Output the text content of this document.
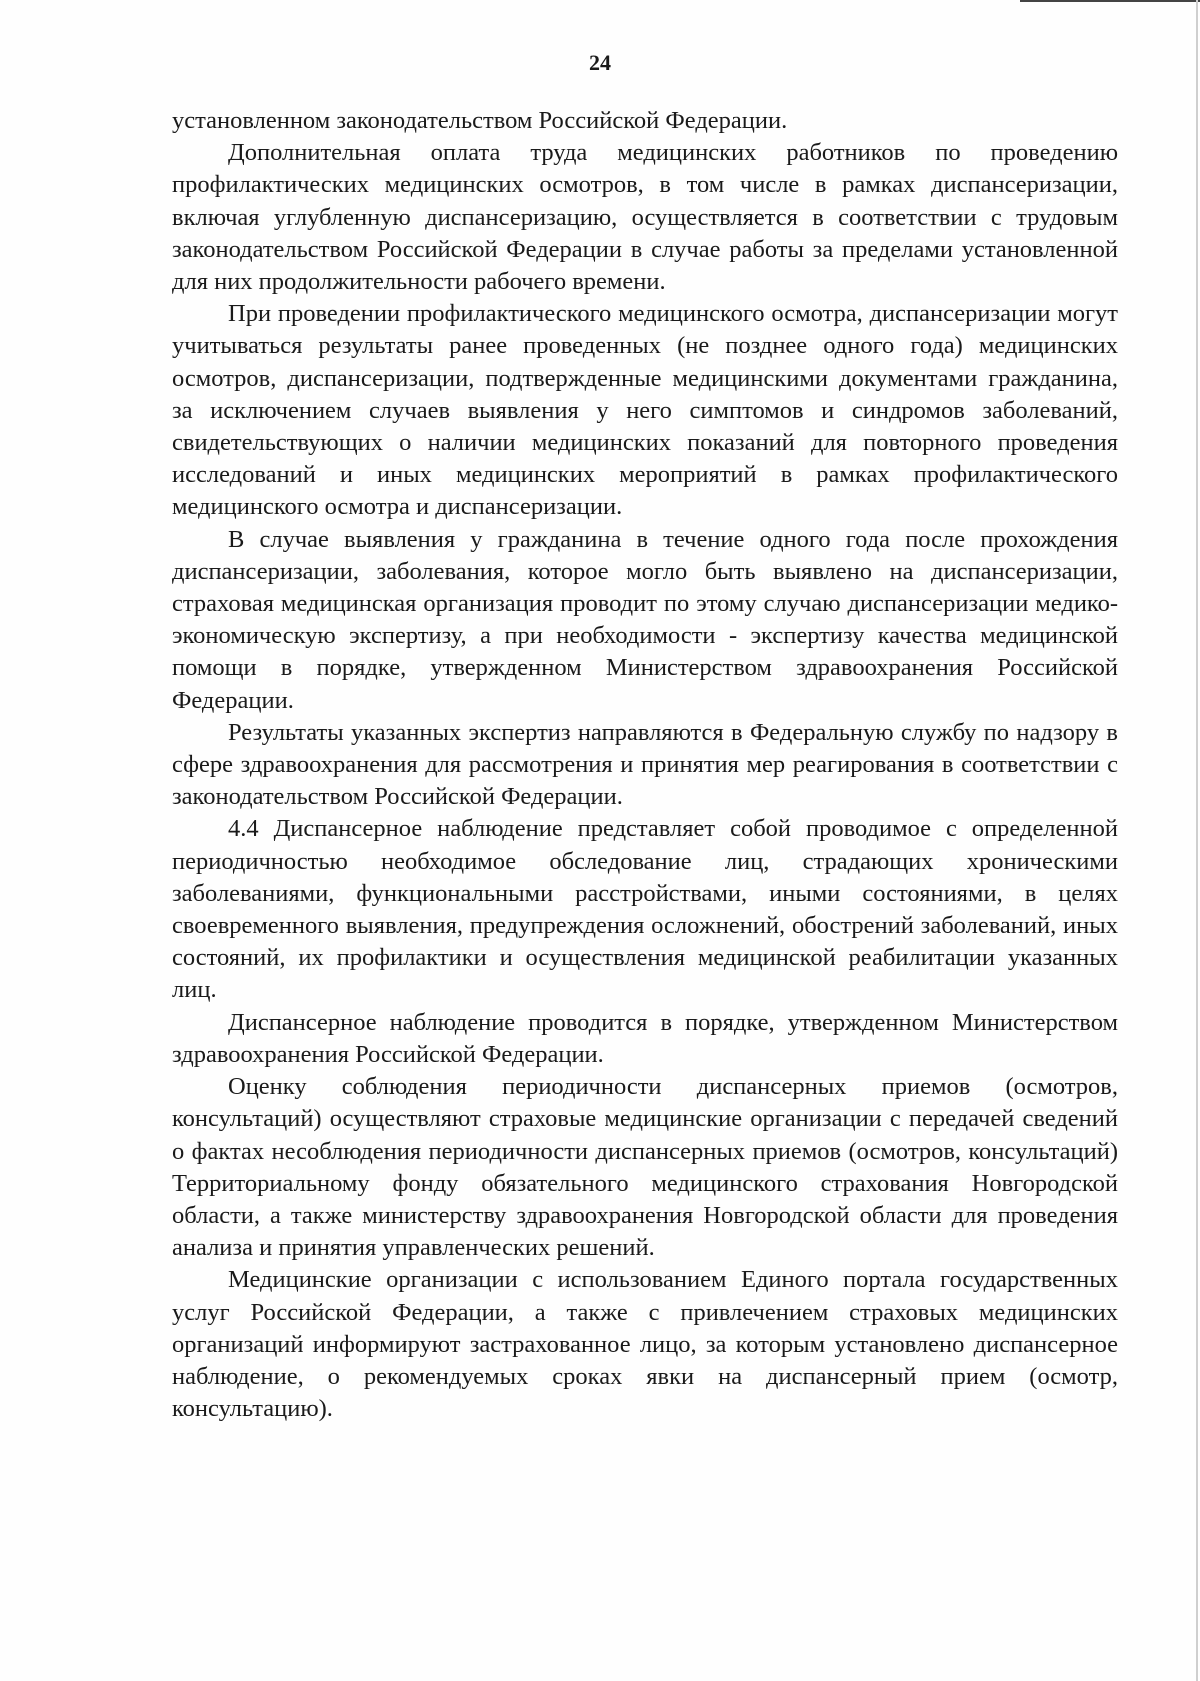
24

установленном законодательством Российской Федерации.

Дополнительная оплата труда медицинских работников по проведению профилактических медицинских осмотров, в том числе в рамках диспансеризации, включая углубленную диспансеризацию, осуществляется в соответствии с трудовым законодательством Российской Федерации в случае работы за пределами установленной для них продолжительности рабочего времени.

При проведении профилактического медицинского осмотра, диспансеризации могут учитываться результаты ранее проведенных (не позднее одного года) медицинских осмотров, диспансеризации, подтвержденные медицинскими документами гражданина, за исключением случаев выявления у него симптомов и синдромов заболеваний, свидетельствующих о наличии медицинских показаний для повторного проведения исследований и иных медицинских мероприятий в рамках профилактического медицинского осмотра и диспансеризации.

В случае выявления у гражданина в течение одного года после прохождения диспансеризации, заболевания, которое могло быть выявлено на диспансеризации, страховая медицинская организация проводит по этому случаю диспансеризации медико-экономическую экспертизу, а при необходимости - экспертизу качества медицинской помощи в порядке, утвержденном Министерством здравоохранения Российской Федерации.

Результаты указанных экспертиз направляются в Федеральную службу по надзору в сфере здравоохранения для рассмотрения и принятия мер реагирования в соответствии с законодательством Российской Федерации.

4.4 Диспансерное наблюдение представляет собой проводимое с определенной периодичностью необходимое обследование лиц, страдающих хроническими заболеваниями, функциональными расстройствами, иными состояниями, в целях своевременного выявления, предупреждения осложнений, обострений заболеваний, иных состояний, их профилактики и осуществления медицинской реабилитации указанных лиц.

Диспансерное наблюдение проводится в порядке, утвержденном Министерством здравоохранения Российской Федерации.

Оценку соблюдения периодичности диспансерных приемов (осмотров, консультаций) осуществляют страховые медицинские организации с передачей сведений о фактах несоблюдения периодичности диспансерных приемов (осмотров, консультаций) Территориальному фонду обязательного медицинского страхования Новгородской области, а также министерству здравоохранения Новгородской области для проведения анализа и принятия управленческих решений.

Медицинские организации с использованием Единого портала государственных услуг Российской Федерации, а также с привлечением страховых медицинских организаций информируют застрахованное лицо, за которым установлено диспансерное наблюдение, о рекомендуемых сроках явки на диспансерный прием (осмотр, консультацию).
